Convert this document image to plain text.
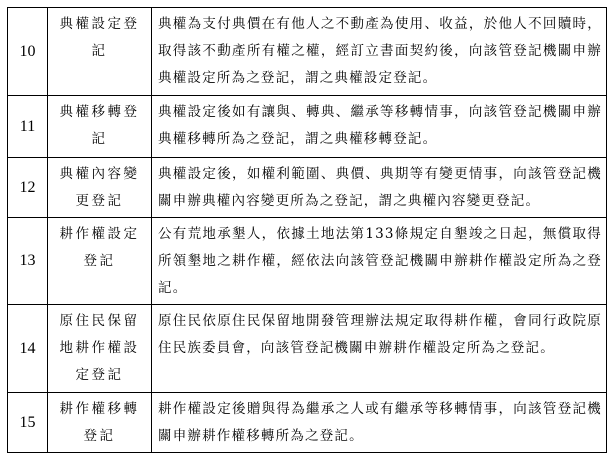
10	典權設定登記	典權為支付典價在有他人之不動產為使用、收益，於他人不回贖時，取得該不動產所有權之權，經訂立書面契約後，向該管登記機關申辦典權設定所為之登記，謂之典權設定登記。
11	典權移轉登記	典權設定後如有讓與、轉典、繼承等移轉情事，向該管登記機關申辦典權移轉所為之登記，謂之典權移轉登記。
12	典權內容變更登記	典權設定後，如權利範圍、典價、典期等有變更情事，向該管登記機關申辦典權內容變更所為之登記，謂之典權內容變更登記。
13	耕作權設定登記	公有荒地承墾人，依據土地法第133條規定自墾竣之日起，無償取得所領墾地之耕作權，經依法向該管登記機關申辦耕作權設定所為之登記。
14	原住民保留地耕作權設定登記	原住民依原住民保留地開發管理辦法規定取得耕作權，會同行政院原住民族委員會，向該管登記機關申辦耕作權設定所為之登記。
15	耕作權移轉登記	耕作權設定後贈與得為繼承之人或有繼承等移轉情事，向該管登記機關申辦耕作權移轉所為之登記。
